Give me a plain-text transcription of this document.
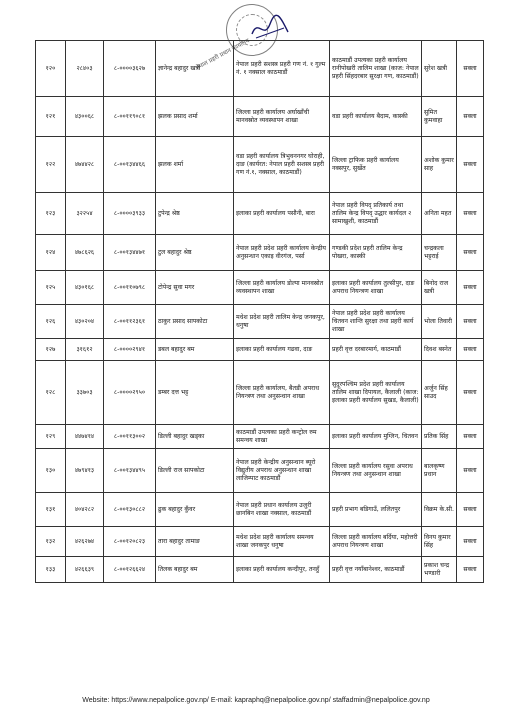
नेपाल प्रहरी प्रधान कार्यालय
१२०	२८४०३	८-००००३६२७	ज्ञानेन्द्र बहादुर खत्री	नेपाल प्रहरी सशस्त्र प्रहरी गण नं. १ गुल्म नं. १ नक्साल काठमाडौं	काठमाडौं उपत्यका प्रहरी कार्यालय रानीपोखरी तालिम शाखा (काज: नेपाल प्रहरी सिंहदरबार सुरक्षा गण, काठमाडौं)	सुरेश खत्री	सक्ला
१२१	४३००६८	८-००११९०८१	झलक प्रसाद शर्मा	जिल्ला प्रहरी कार्यालय अर्घाखाँची मानवस्रोत व्यवस्थापन शाखा	वडा प्रहरी कार्यालय बैदाम, कास्की	सुमित कुमवाहा	सक्ला
१२२	४७४४२८	८-००१३४४६६	झलक शर्मा	वडा प्रहरी कार्यालय त्रिभुवननगर घोराही, दाङ (कार्यरत: नेपाल प्रहरी सशस्त्र प्रहरी गण नं.१, नक्साल, काठमाडौं)	जिल्ला ट्राफिक प्रहरी कार्यालय नक्सपुर, सुर्खेत	अशोक कुमार साह	सक्ला
१२३	३२२५४	८-००००३९३३	टुपेन्द्र श्रेष्ठ	इलाका प्रहरी कार्यालय पसौनी, बारा	नेपाल प्रहरी विपद् प्रतिकार्य तथा तालिम केन्द्र विपद् उद्धार कार्यदल २ सामाखुशी, काठमाडौं	अनिता महत	सक्ला
१२४	४७८६२६	८-००१३४४७१	टुल बहादुर श्रेष्ठ	नेपाल प्रहरी प्रदेश प्रहरी कार्यालय केन्द्रीय अनुसन्धान एकाइ वीरगंज, पर्सा	गण्डकी प्रदेश प्रहरी तालिम केन्द्र पोखरा, कास्की	चन्द्रकला भट्टराई	सक्ला
१२५	४३०१६८	८-००११०७९८	टोपेन्द्र सुवा मगर	जिल्ला प्रहरी कार्यालय डोल्पा मानवस्रोत व्यवस्थापन शाखा	इलाका प्रहरी कार्यालय तुल्सीपुर, दाङ अपराध नियन्त्रण शाखा	बिनोद राज खत्री	सक्ला
१२६	४३०२०४	८-००११२३६१	ठाकुर प्रसाद सापकोटा	मधेश प्रदेश प्रहरी तालिम केन्द्र जनकपुर, धनुषा	नेपाल प्रहरी प्रदेश प्रहरी कार्यालय चितवन शान्ति सुरक्षा तथा प्रहरी कार्य शाखा	भोला तिवारी	सक्ला
१२७	३१६१२	८-००००२९४१	डबल बहादुर बम	इलाका प्रहरी कार्यालय गढवा, दाङ	प्रहरी वृत्त दरबारमार्ग, काठमाडौं	दिवश बस्नेत	सक्ला
१२८	३३७०३	८-००००२९५०	डम्बर दत्त भट्ट	जिल्ला प्रहरी कार्यालय, बैतडी अपराध नियन्त्रण तथा अनुसन्धान शाखा	सुदूरपश्चिम प्रदेश प्रहरी कार्यालय तालिम शाखा दिपायल, कैलाली (काज: इलाका प्रहरी कार्यालय सुखड, कैलाली)	अर्जुन सिंह साउद	सक्ला
१२९	४४७४१४	८-००११३००२	डिल्ली बहादुर खड्का	काठमाडौं उपत्यका प्रहरी कन्ट्रोल रुम समन्वय शाखा	इलाका प्रहरी कार्यालय मुग्लिन, चितवन	प्रतिक सिंह	सक्ला
१३०	४७९४१३	८-००१३४४९५	डिल्ली राज सापकोटा	नेपाल प्रहरी केन्द्रीय अनुसन्धान ब्यूरो विद्युतीय अपराध अनुसन्धान शाखा लाजिम्पाट काठमाडौं	जिल्ला प्रहरी कार्यालय रसुवा अपराध नियन्त्रण तथा अनुसन्धान शाखा	बालकृष्ण प्रधान	सक्ला
१३१	४०४२८२	८-००१३०८८२	ढुक बहादुर कुँवर	नेपाल प्रहरी प्रधान कार्यालय उजुरी छानबिन शाखा नक्साल, काठमाडौं	प्रहरी प्रभाग बडिगाउँ, ललितपुर	विक्रम के.सी.	सक्ला
१३२	४२६२७४	८-००१२०८२३	तारा बहादुर तामाङ	मधेश प्रदेश प्रहरी कार्यालय समन्वय शाखा जनकपुर धनुषा	जिल्ला प्रहरी कार्यालय बर्दिया, महोत्तरी अपराध नियन्त्रण शाखा	विनय कुमार सिंह	सक्ला
१३३	४२६६३९	८-००१२६६२४	तिलक बहादुर बम	इलाका प्रहरी कार्यालय कन्दीपुर, तनहुँ	प्रहरी वृत्त नयाँबानेश्वर, काठमाडौं	प्रकाश चन्द्र भण्डारी	सक्ला
Website: https://www.nepalpolice.gov.np/ E-mail: kapraphq@nepalpolice.gov.np/ staffadmin@nepalpolice.gov.np
